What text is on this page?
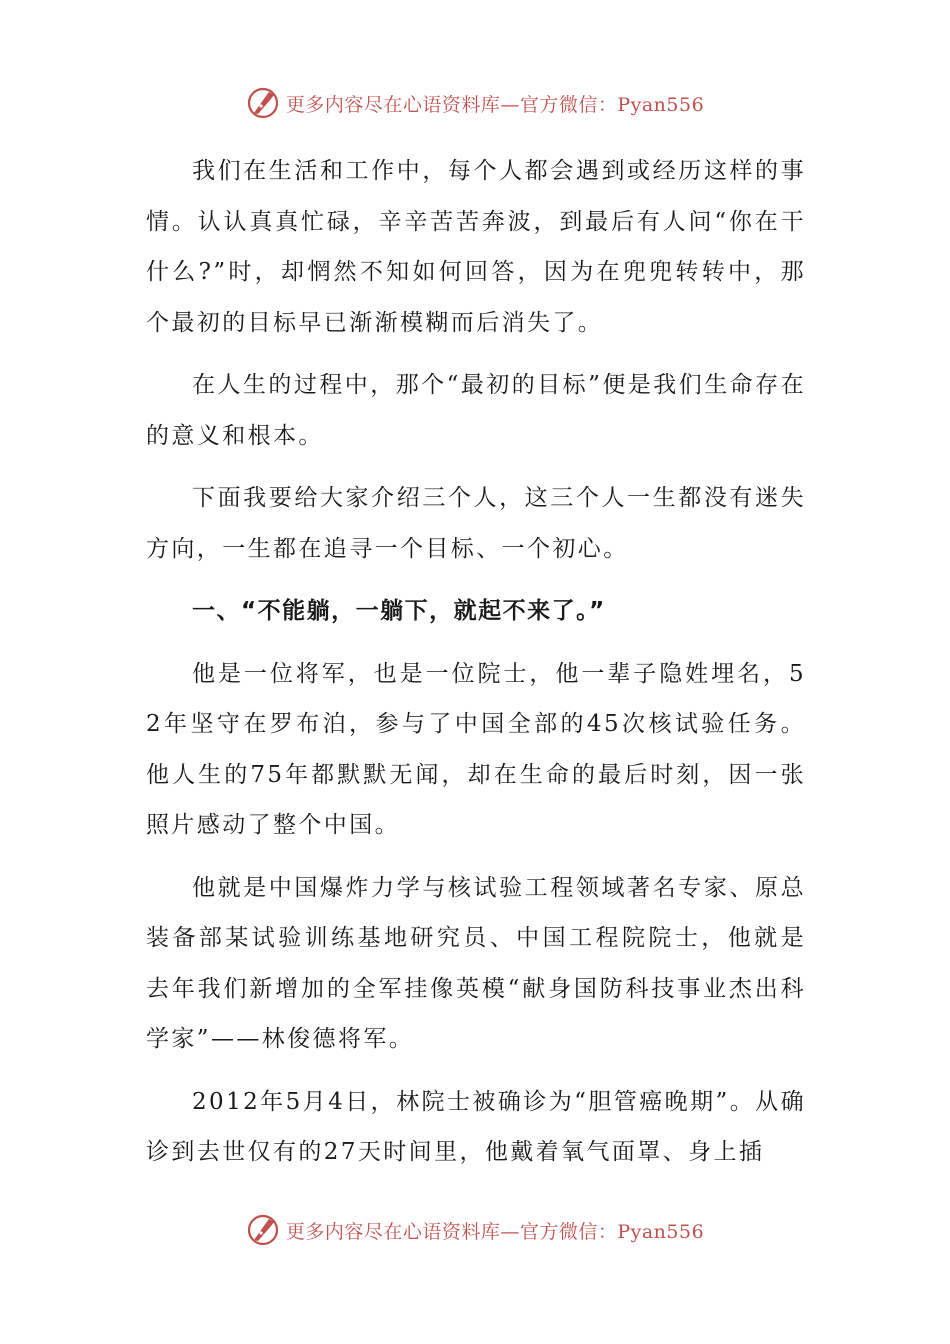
更多内容尽在心语资料库—官方微信：Pyan556

我们在生活和工作中，每个人都会遇到或经历这样的事情。认认真真忙碌，辛辛苦苦奔波，到最后有人问“你在干什么?”时，却惘然不知如何回答，因为在兜兜转转中，那个最初的目标早已渐渐模糊而后消失了。

在人生的过程中，那个“最初的目标”便是我们生命存在的意义和根本。

下面我要给大家介绍三个人，这三个人一生都没有迷失方向，一生都在追寻一个目标、一个初心。

一、“不能躺，一躺下，就起不来了。”

他是一位将军，也是一位院士，他一辈子隐姓埋名，52年坚守在罗布泊，参与了中国全部的45次核试验任务。他人生的75年都默默无闻，却在生命的最后时刻，因一张照片感动了整个中国。

他就是中国爆炸力学与核试验工程领域著名专家、原总装备部某试验训练基地研究员、中国工程院院士，他就是去年我们新增加的全军挂像英模“献身国防科技事业杰出科学家”——林俊德将军。

2012年5月4日，林院士被确诊为“胆管癌晚期”。从确诊到去世仅有的27天时间里，他戴着氧气面罩、身上插

更多内容尽在心语资料库—官方微信：Pyan556
